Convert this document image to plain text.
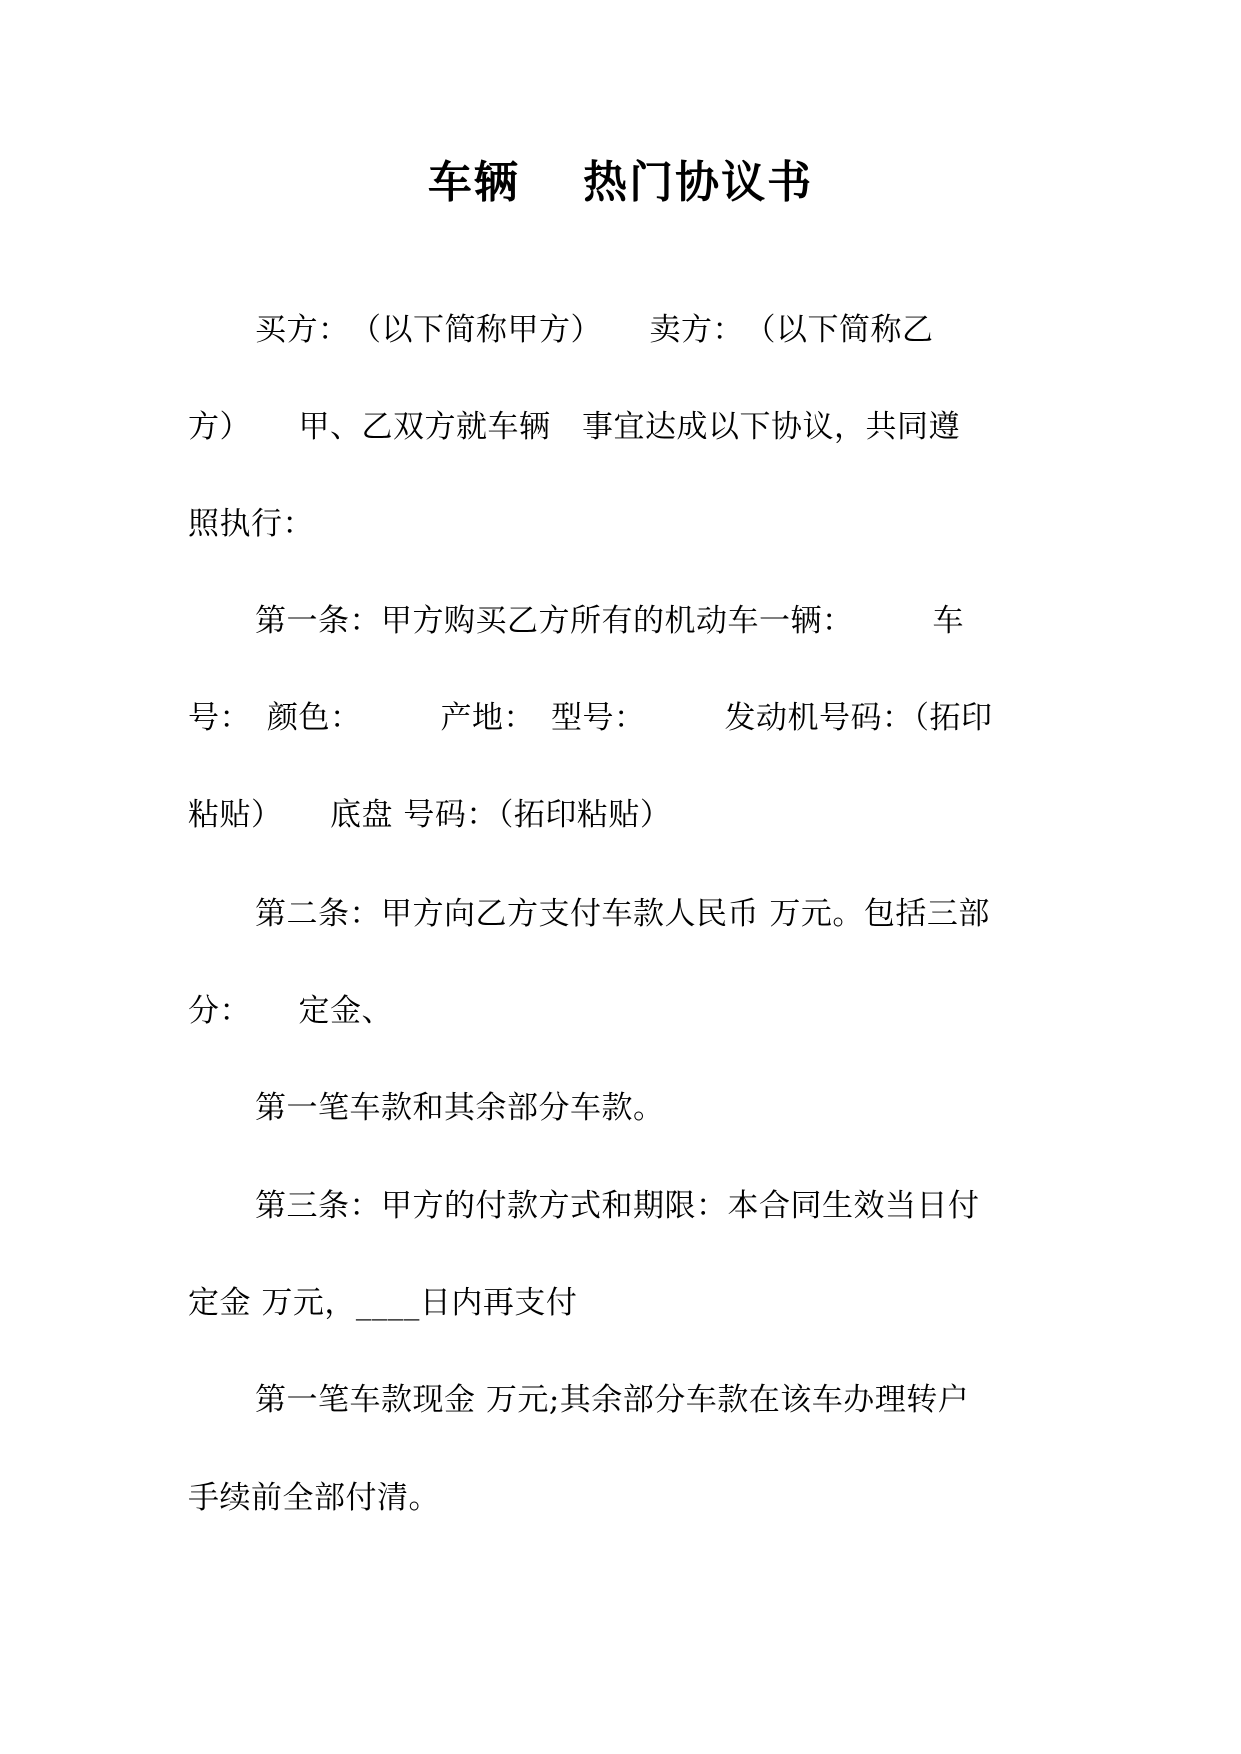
车辆　 热门协议书
买方：　（以下简称甲方）　　卖方：　（以下简称乙
方）　　甲、乙双方就车辆　事宜达成以下协议，共同遵
照执行：
第一条：甲方购买乙方所有的机动车一辆：　　　车
号：　颜色：　　　产地：　型号：　　　发动机号码：（拓印
粘贴）　　底盘 号码：（拓印粘贴）
第二条：甲方向乙方支付车款人民币 万元。包括三部
分：　　定金、
第一笔车款和其余部分车款。
第三条：甲方的付款方式和期限：本合同生效当日付
定金 万元，____日内再支付
第一笔车款现金 万元;其余部分车款在该车办理转户
手续前全部付清。
